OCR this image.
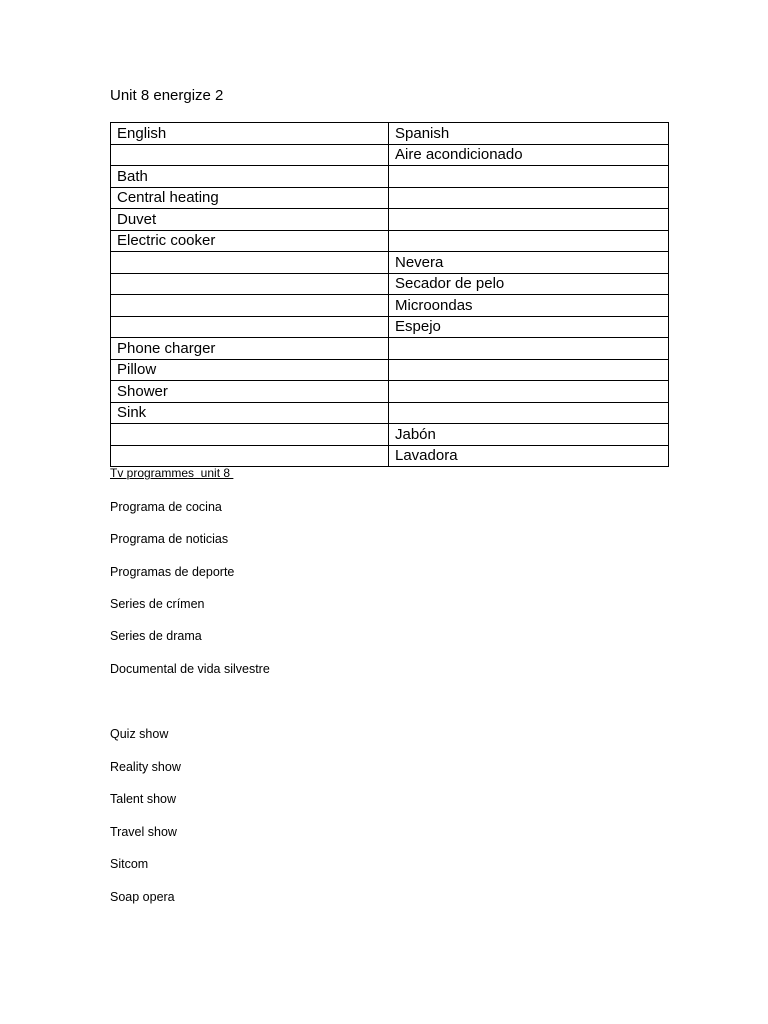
Unit 8 energize 2
English	Spanish
	Aire acondicionado
Bath	
Central heating	
Duvet	
Electric cooker	
	Nevera
	Secador de pelo
	Microondas
	Espejo
Phone charger	
Pillow	
Shower	
Sink	
	Jabón
	Lavadora
Tv programmes  unit 8
Programa de cocina
Programa de noticias
Programas de deporte
Series de crímen
Series de drama
Documental de vida silvestre
Quiz show
Reality show
Talent show
Travel show
Sitcom
Soap opera
